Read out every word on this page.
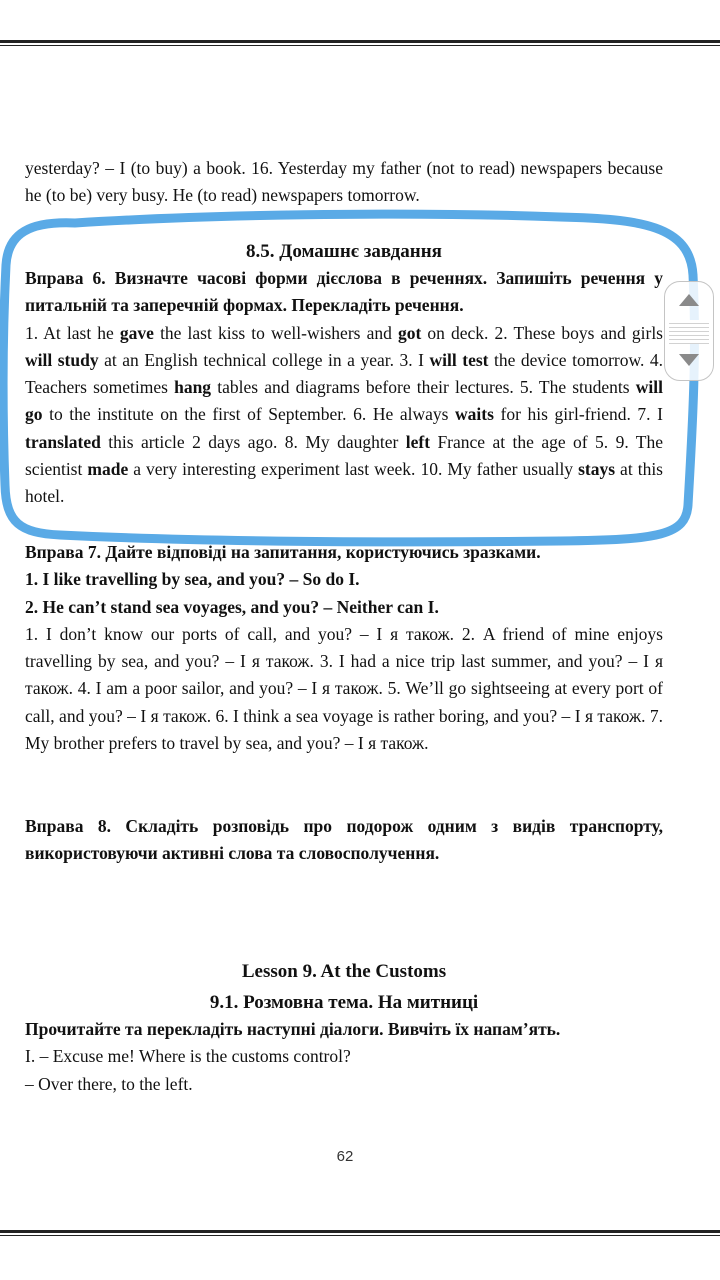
yesterday? – I (to buy) a book. 16. Yesterday my father (not to read) newspapers because he (to be) very busy. He (to read) newspapers tomorrow.

8.5. Домашнє завдання

Вправа 6. Визначте часові форми дієслова в реченнях. Запишіть речення у питальній та заперечній формах. Перекладіть речення.

1. At last he gave the last kiss to well-wishers and got on deck. 2. These boys and girls will study at an English technical college in a year. 3. I will test the device tomorrow. 4. Teachers sometimes hang tables and diagrams before their lectures. 5. The students will go to the institute on the first of September. 6. He always waits for his girl-friend. 7. I translated this article 2 days ago. 8. My daughter left France at the age of 5. 9. The scientist made a very interesting experiment last week. 10. My father usually stays at this hotel.

Вправа 7. Дайте відповіді на запитання, користуючись зразками.

1. I like travelling by sea, and you? – So do I.

2. He can’t stand sea voyages, and you? – Neither can I.

1. I don’t know our ports of call, and you? – I я також. 2. A friend of mine enjoys travelling by sea, and you? – I я також. 3. I had a nice trip last summer, and you? – I я також. 4. I am a poor sailor, and you? – I я також. 5. We’ll go sightseeing at every port of call, and you? – I я також. 6. I think a sea voyage is rather boring, and you? – I я також. 7. My brother prefers to travel by sea, and you? – I я також.

Вправа 8. Складіть розповідь про подорож одним з видів транспорту, використовуючи активні слова та словосполучення.

Lesson 9. At the Customs
9.1. Розмовна тема. На митниці

Прочитайте та перекладіть наступні діалоги. Вивчіть їх напам’ять.

I. – Excuse me! Where is the customs control?

– Over there, to the left.

62
